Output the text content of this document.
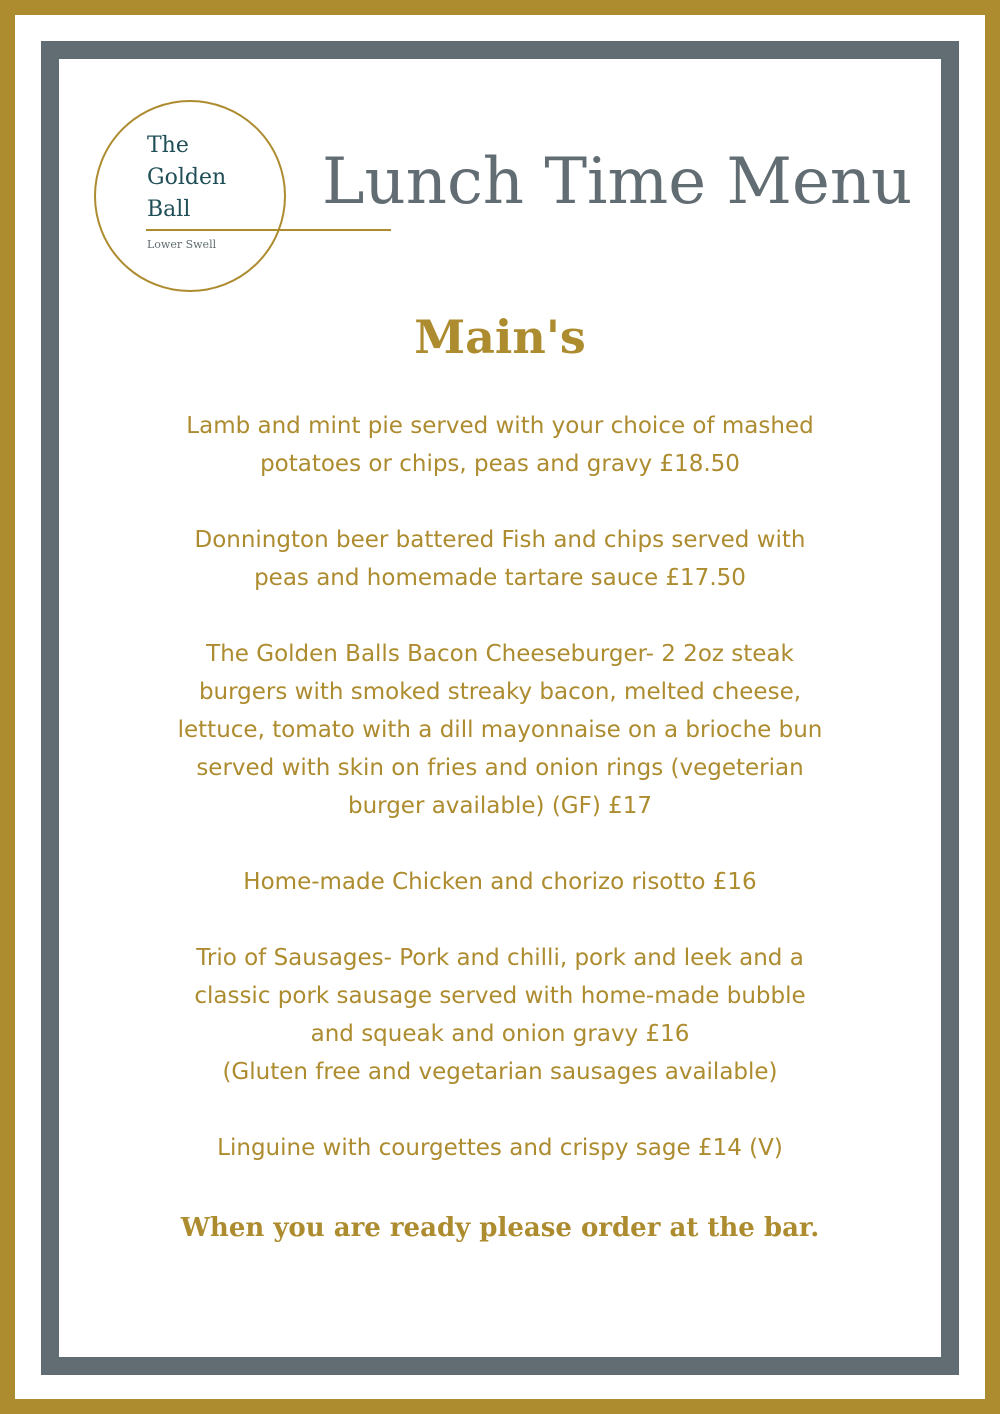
The
Golden
Ball
Lower Swell
Lunch Time Menu
Main's
Lamb and mint pie served with your choice of mashed
potatoes or chips, peas and gravy £18.50
Donnington beer battered Fish and chips served with
peas and homemade tartare sauce £17.50
The Golden Balls Bacon Cheeseburger- 2 2oz steak
burgers with smoked streaky bacon, melted cheese,
lettuce, tomato with a dill mayonnaise on a brioche bun
served with skin on fries and onion rings (vegeterian
burger available) (GF) £17
Home-made Chicken and chorizo risotto £16
Trio of Sausages- Pork and chilli, pork and leek and a
classic pork sausage served with home-made bubble
and squeak and onion gravy £16
(Gluten free and vegetarian sausages available)
Linguine with courgettes and crispy sage £14 (V)

When you are ready please order at the bar.
